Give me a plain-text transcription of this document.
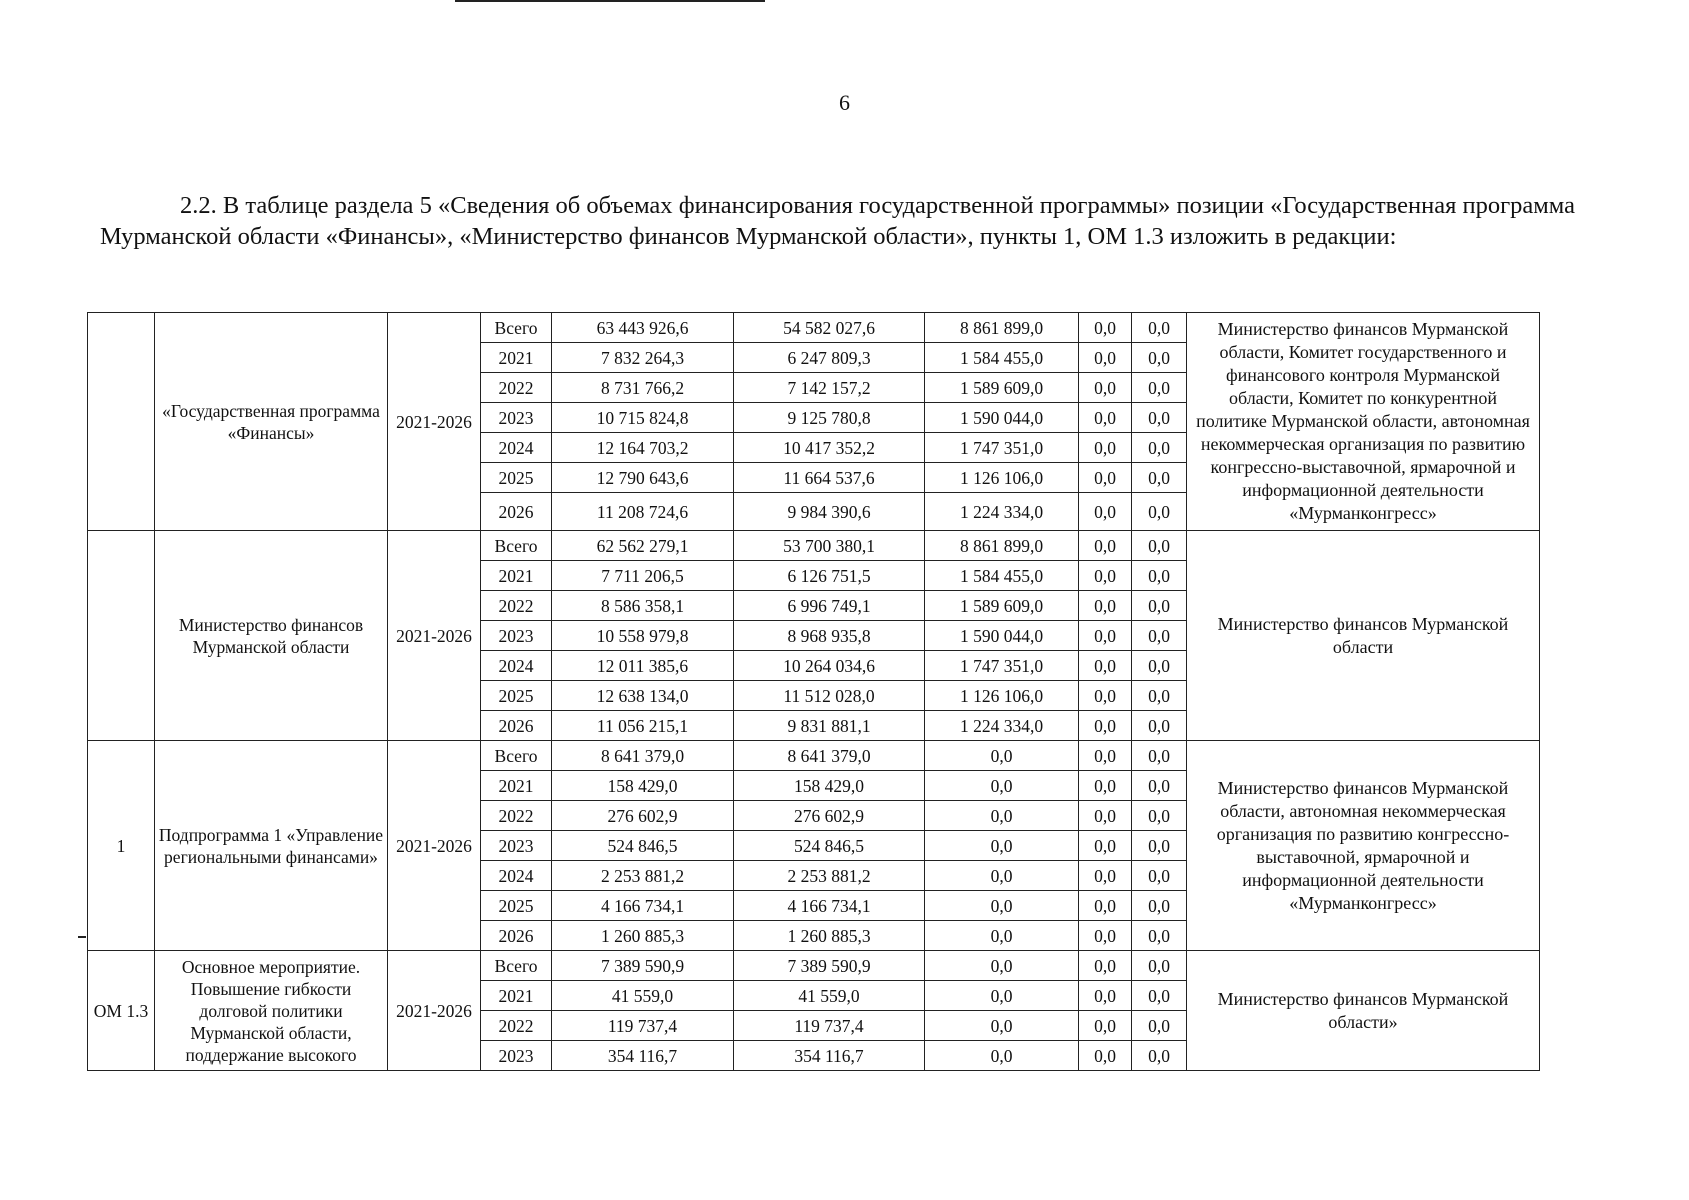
6

2.2. В таблице раздела 5 «Сведения об объемах финансирования государственной программы» позиции «Государственная программа Мурманской области «Финансы», «Министерство финансов Мурманской области», пункты 1, ОМ 1.3 изложить в редакции:

	«Государственная программа «Финансы»	2021-2026	Всего	63 443 926,6	54 582 027,6	8 861 899,0	0,0	0,0	Министерство финансов Мурманской области, Комитет государственного и финансового контроля Мурманской области, Комитет по конкурентной политике Мурманской области, автономная некоммерческая организация по развитию конгрессно-выставочной, ярмарочной и информационной деятельности «Мурманконгресс»
			2021	7 832 264,3	6 247 809,3	1 584 455,0	0,0	0,0	
			2022	8 731 766,2	7 142 157,2	1 589 609,0	0,0	0,0	
			2023	10 715 824,8	9 125 780,8	1 590 044,0	0,0	0,0	
			2024	12 164 703,2	10 417 352,2	1 747 351,0	0,0	0,0	
			2025	12 790 643,6	11 664 537,6	1 126 106,0	0,0	0,0	
			2026	11 208 724,6	9 984 390,6	1 224 334,0	0,0	0,0	
	Министерство финансов Мурманской области	2021-2026	Всего	62 562 279,1	53 700 380,1	8 861 899,0	0,0	0,0	Министерство финансов Мурманской области
			2021	7 711 206,5	6 126 751,5	1 584 455,0	0,0	0,0	
			2022	8 586 358,1	6 996 749,1	1 589 609,0	0,0	0,0	
			2023	10 558 979,8	8 968 935,8	1 590 044,0	0,0	0,0	
			2024	12 011 385,6	10 264 034,6	1 747 351,0	0,0	0,0	
			2025	12 638 134,0	11 512 028,0	1 126 106,0	0,0	0,0	
			2026	11 056 215,1	9 831 881,1	1 224 334,0	0,0	0,0	
1	Подпрограмма 1 «Управление региональными финансами»	2021-2026	Всего	8 641 379,0	8 641 379,0	0,0	0,0	0,0	Министерство финансов Мурманской области, автономная некоммерческая организация по развитию конгрессно-выставочной, ярмарочной и информационной деятельности «Мурманконгресс»
			2021	158 429,0	158 429,0	0,0	0,0	0,0	
			2022	276 602,9	276 602,9	0,0	0,0	0,0	
			2023	524 846,5	524 846,5	0,0	0,0	0,0	
			2024	2 253 881,2	2 253 881,2	0,0	0,0	0,0	
			2025	4 166 734,1	4 166 734,1	0,0	0,0	0,0	
			2026	1 260 885,3	1 260 885,3	0,0	0,0	0,0	
ОМ 1.3	Основное мероприятие. Повышение гибкости долговой политики Мурманской области, поддержание высокого	2021-2026	Всего	7 389 590,9	7 389 590,9	0,0	0,0	0,0	Министерство финансов Мурманской области»
			2021	41 559,0	41 559,0	0,0	0,0	0,0	
			2022	119 737,4	119 737,4	0,0	0,0	0,0	
			2023	354 116,7	354 116,7	0,0	0,0	0,0	
